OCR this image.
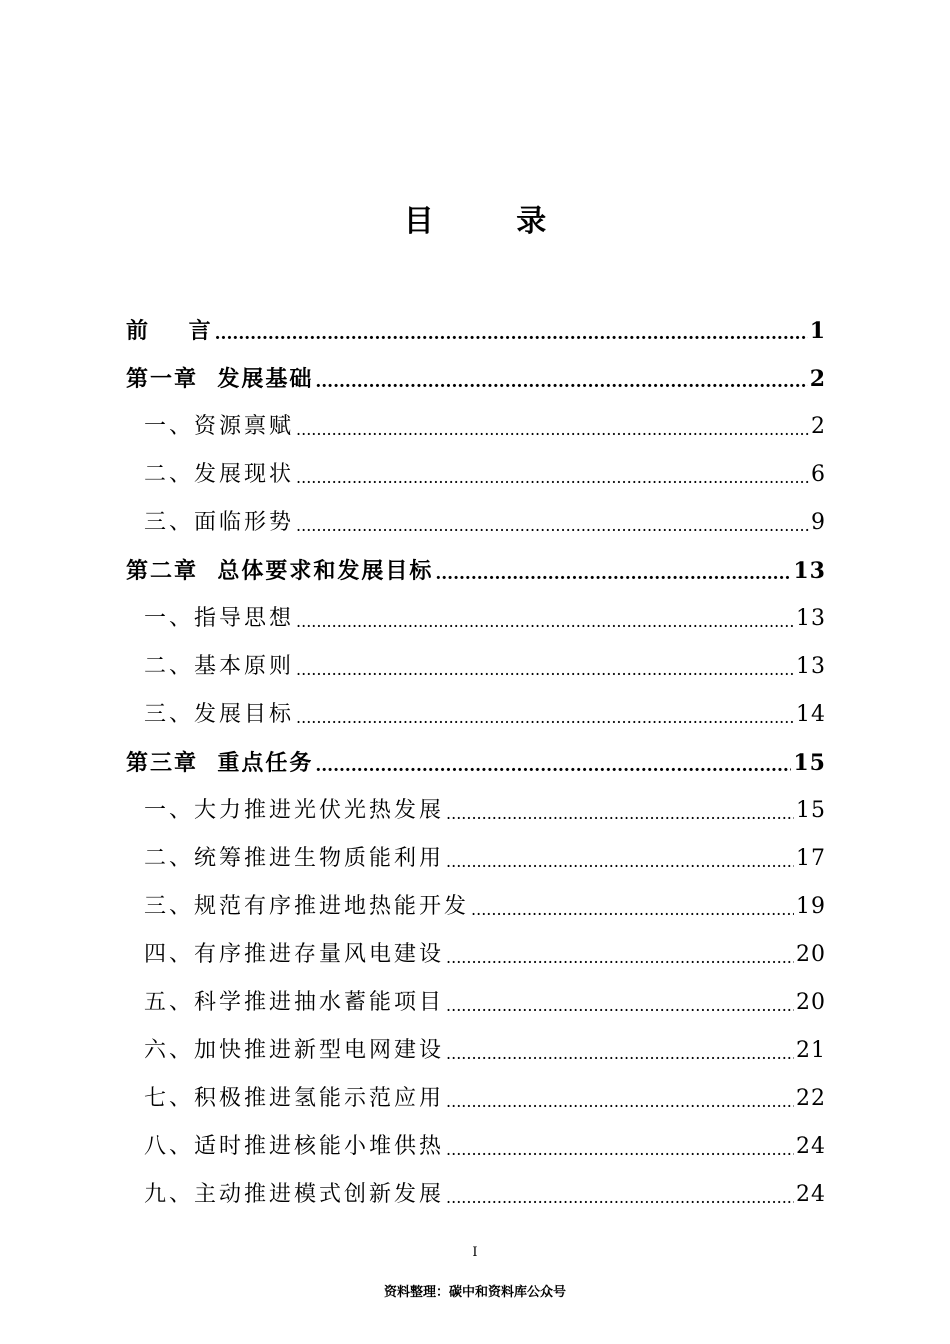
目 录
前    言 .....	1
第一章  发展基础 .....	2
一、资源禀赋 .....	2
二、发展现状 .....	6
三、面临形势 .....	9
第二章  总体要求和发展目标 .....	13
一、指导思想 .....	13
二、基本原则 .....	13
三、发展目标 .....	14
第三章  重点任务 .....	15
一、大力推进光伏光热发展 .....	15
二、统筹推进生物质能利用 .....	17
三、规范有序推进地热能开发 .....	19
四、有序推进存量风电建设 .....	20
五、科学推进抽水蓄能项目 .....	20
六、加快推进新型电网建设 .....	21
七、积极推进氢能示范应用 .....	22
八、适时推进核能小堆供热 .....	24
九、主动推进模式创新发展 .....	24
I
资料整理：碳中和资料库公众号
